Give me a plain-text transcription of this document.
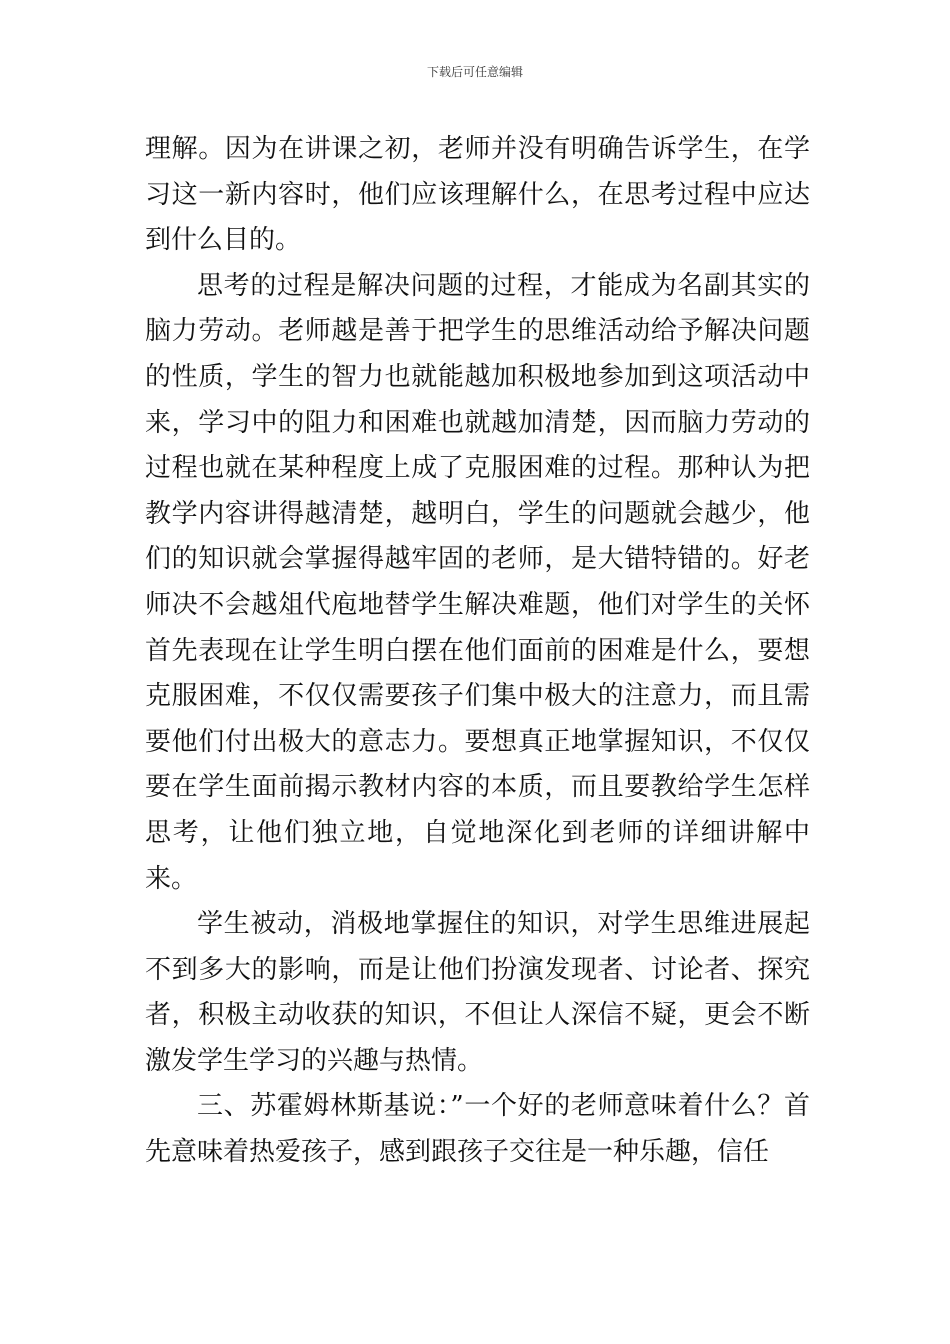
下载后可任意编辑

理解。因为在讲课之初，老师并没有明确告诉学生，在学习这一新内容时，他们应该理解什么，在思考过程中应达到什么目的。

思考的过程是解决问题的过程，才能成为名副其实的脑力劳动。老师越是善于把学生的思维活动给予解决问题的性质，学生的智力也就能越加积极地参加到这项活动中来，学习中的阻力和困难也就越加清楚，因而脑力劳动的过程也就在某种程度上成了克服困难的过程。那种认为把教学内容讲得越清楚，越明白，学生的问题就会越少，他们的知识就会掌握得越牢固的老师，是大错特错的。好老师决不会越俎代庖地替学生解决难题，他们对学生的关怀首先表现在让学生明白摆在他们面前的困难是什么，要想克服困难，不仅仅需要孩子们集中极大的注意力，而且需要他们付出极大的意志力。要想真正地掌握知识，不仅仅要在学生面前揭示教材内容的本质，而且要教给学生怎样思考，让他们独立地，自觉地深化到老师的详细讲解中来。

学生被动，消极地掌握住的知识，对学生思维进展起不到多大的影响，而是让他们扮演发现者、讨论者、探究者，积极主动收获的知识，不但让人深信不疑，更会不断激发学生学习的兴趣与热情。

三、苏霍姆林斯基说：”一个好的老师意味着什么？首先意味着热爱孩子，感到跟孩子交往是一种乐趣，信任
